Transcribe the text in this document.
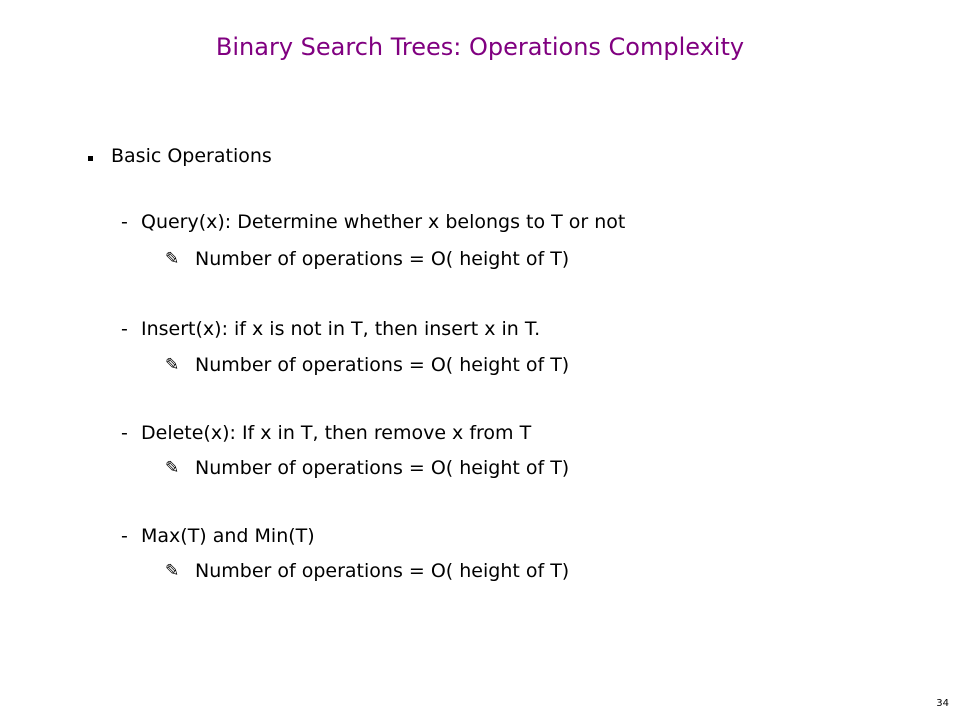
Binary Search Trees: Operations Complexity
Basic Operations
- Query(x): Determine whether x belongs to T or not
✎ Number of operations = O( height of T)
- Insert(x): if x is not in T, then insert x in T.
✎ Number of operations = O( height of T)
- Delete(x): If x in T, then remove x from T
✎ Number of operations = O( height of T)
- Max(T) and Min(T)
✎ Number of operations = O( height of T)
34
